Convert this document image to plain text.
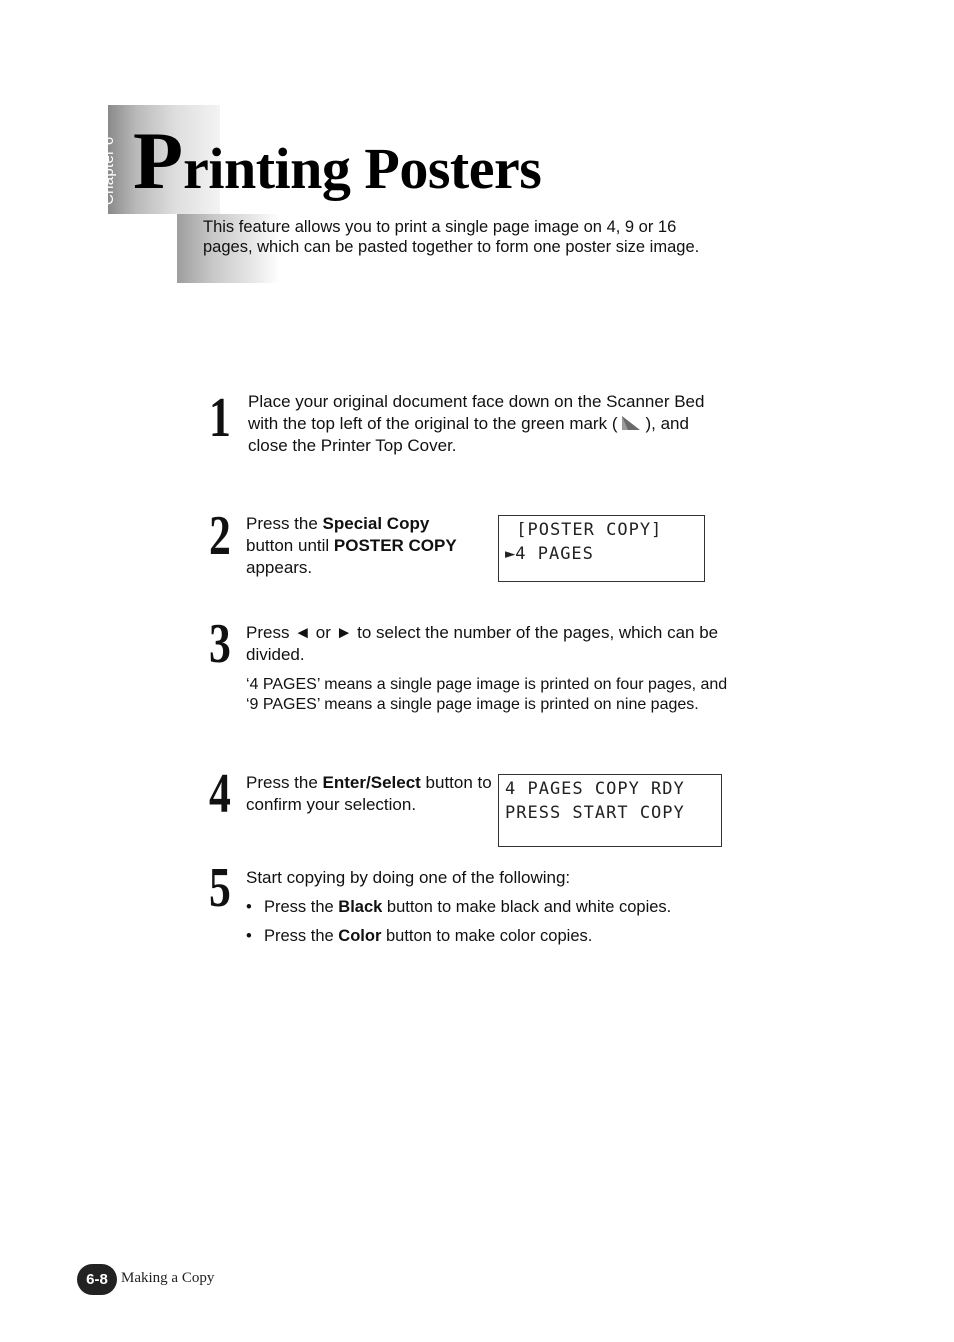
Chapter 6 Printing Posters
This feature allows you to print a single page image on 4, 9 or 16 pages, which can be pasted together to form one poster size image.
1 Place your original document face down on the Scanner Bed with the top left of the original to the green mark ( ), and close the Printer Top Cover.
2 Press the Special Copy button until POSTER COPY appears.
[POSTER COPY]
►4 PAGES
3 Press ◄ or ► to select the number of the pages, which can be divided.
‘4 PAGES’ means a single page image is printed on four pages, and ‘9 PAGES’ means a single page image is printed on nine pages.
4 Press the Enter/Select button to confirm your selection.
4 PAGES COPY RDY
PRESS START COPY
5 Start copying by doing one of the following:
• Press the Black button to make black and white copies.
• Press the Color button to make color copies.
6-8 Making a Copy
